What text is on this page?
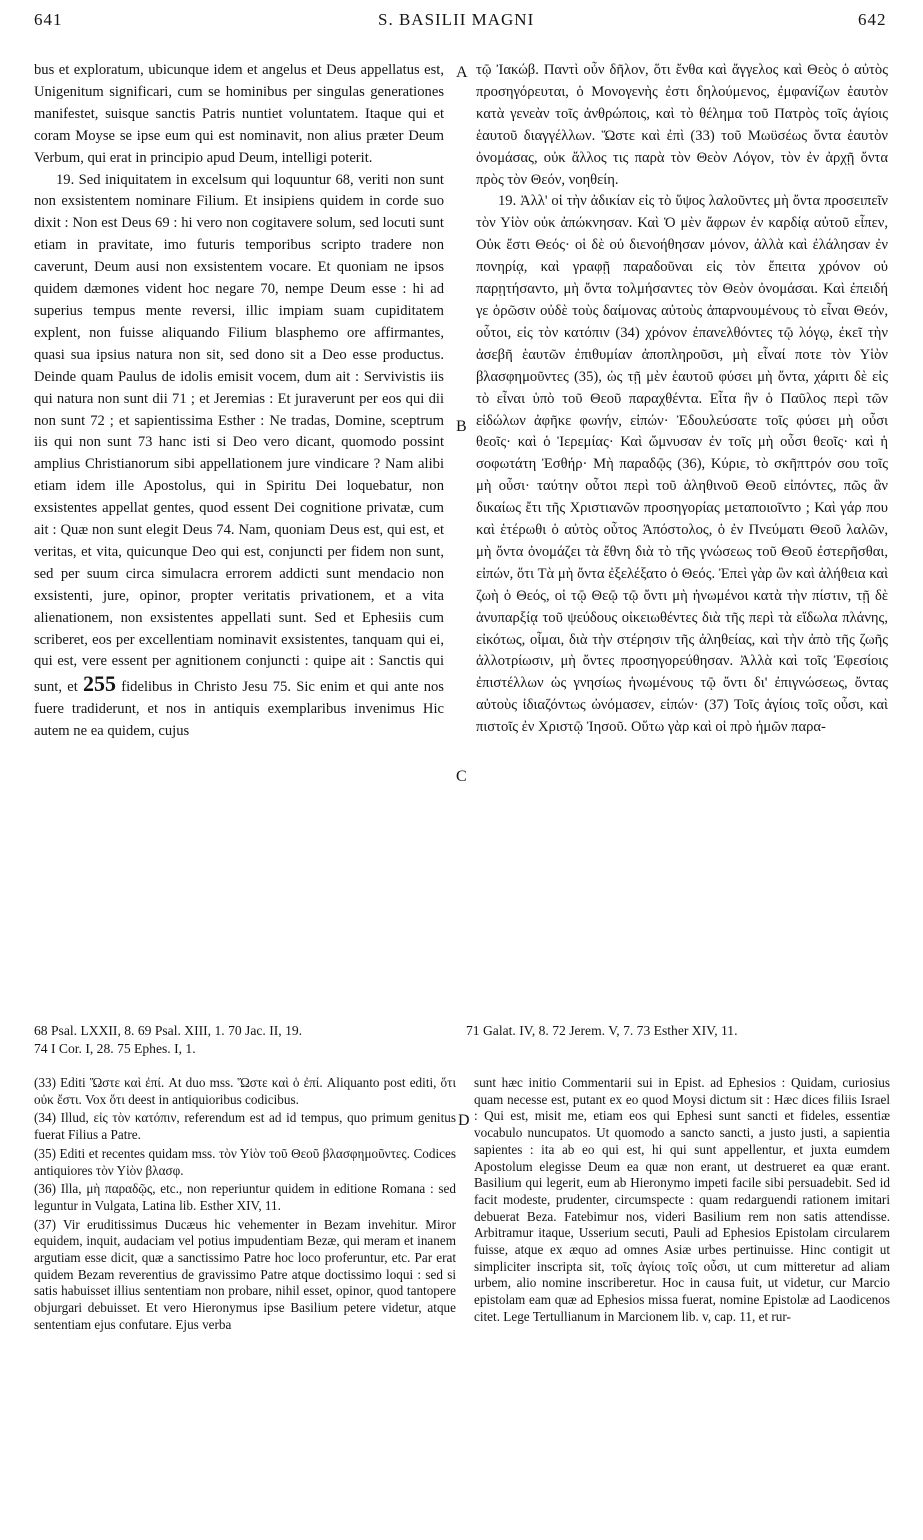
641	S. BASILII MAGNI	642
A
B
C
D

bus et exploratum, ubicunque idem et angelus et Deus appellatus est, Unigenitum significari, cum se hominibus per singulas generationes manifestet, suisque sanctis Patris nuntiet voluntatem. Itaque qui et coram Moyse se ipse eum qui est nominavit, non alius præter Deum Verbum, qui erat in principio apud Deum, intelligi poterit.

19. Sed iniquitatem in excelsum qui loquuntur 68, veriti non sunt non exsistentem nominare Filium. Et insipiens quidem in corde suo dixit : Non est Deus 69 : hi vero non cogitavere solum, sed locuti sunt etiam in pravitate, imo futuris temporibus scripto tradere non caverunt, Deum ausi non exsistentem vocare. Et quoniam ne ipsos quidem dæmones vident hoc negare 70, nempe Deum esse : hi ad superius tempus mente reversi, illic impiam suam cupiditatem explent, non fuisse aliquando Filium blasphemo ore affirmantes, quasi sua ipsius natura non sit, sed dono sit a Deo esse productus. Deinde quam Paulus de idolis emisit vocem, dum ait : Servivistis iis qui natura non sunt dii 71 ; et Jeremias : Et juraverunt per eos qui dii non sunt 72 ; et sapientissima Esther : Ne tradas, Domine, sceptrum iis qui non sunt 73 hanc isti si Deo vero dicant, quomodo possint amplius Christianorum sibi appellationem jure vindicare ? Nam alibi etiam idem ille Apostolus, qui in Spiritu Dei loquebatur, non exsistentes appellat gentes, quod essent Dei cognitione privatæ, cum ait : Quæ non sunt elegit Deus 74. Nam, quoniam Deus est, qui est, et veritas, et vita, quicunque Deo qui est, conjuncti per fidem non sunt, sed per suum circa simulacra errorem addicti sunt mendacio non exsistenti, jure, opinor, propter veritatis privationem, et a vita alienationem, non exsistentes appellati sunt. Sed et Ephesiis cum scriberet, eos per excellentiam nominavit exsistentes, tanquam qui ei, qui est, vere essent per agnitionem conjuncti : quipe ait : Sanctis qui sunt, et 255 fidelibus in Christo Jesu 75. Sic enim et qui ante nos fuere tradiderunt, et nos in antiquis exemplaribus invenimus Hic autem ne ea quidem, cujus

τῷ Ἰακώβ. Παντὶ οὖν δῆλον, ὅτι ἔνθα καὶ ἄγγελος καὶ Θεὸς ὁ αὐτὸς προσηγόρευται, ὁ Μονογενὴς ἐστι δηλούμενος, ἐμφανίζων ἑαυτὸν κατὰ γενεὰν τοῖς ἀνθρώποις, καὶ τὸ θέλημα τοῦ Πατρὸς τοῖς ἁγίοις ἑαυτοῦ διαγγέλλων. Ὥστε καὶ ἐπὶ (33) τοῦ Μωϋσέως ὄντα ἑαυτὸν ὀνομάσας, οὐκ ἄλλος τις παρὰ τὸν Θεὸν Λόγον, τὸν ἐν ἀρχῇ ὄντα πρὸς τὸν Θεόν, νοηθείη.

19. Ἀλλ' οἱ τὴν ἀδικίαν εἰς τὸ ὕψος λαλοῦντες μὴ ὄντα προσειπεῖν τὸν Υἱὸν οὐκ ἀπώκνησαν. Καὶ Ὁ μὲν ἄφρων ἐν καρδίᾳ αὐτοῦ εἶπεν, Οὐκ ἔστι Θεός· οἱ δὲ οὐ διενοήθησαν μόνον, ἀλλὰ καὶ ἐλάλησαν ἐν πονηρίᾳ, καὶ γραφῇ παραδοῦναι εἰς τὸν ἔπειτα χρόνον οὐ παρῃτήσαντο, μὴ ὄντα τολμήσαντες τὸν Θεὸν ὀνομάσαι. Καὶ ἐπειδή γε ὁρῶσιν οὐδὲ τοὺς δαίμονας αὐτοὺς ἀπαρνουμένους τὸ εἶναι Θεόν, οὗτοι, εἰς τὸν κατόπιν (34) χρόνον ἐπανελθόντες τῷ λόγῳ, ἐκεῖ τὴν ἀσεβῆ ἑαυτῶν ἐπιθυμίαν ἀποπληροῦσι, μὴ εἶναί ποτε τὸν Υἱὸν βλασφημοῦντες (35), ὡς τῇ μὲν ἑαυτοῦ φύσει μὴ ὄντα, χάριτι δὲ εἰς τὸ εἶναι ὑπὸ τοῦ Θεοῦ παραχθέντα. Εἶτα ἣν ὁ Παῦλος περὶ τῶν εἰδώλων ἀφῆκε φωνήν, εἰπών· Ἐδουλεύσατε τοῖς φύσει μὴ οὖσι θεοῖς· καὶ ὁ Ἱερεμίας· Καὶ ὤμνυσαν ἐν τοῖς μὴ οὖσι θεοῖς· καὶ ἡ σοφωτάτη Ἐσθήρ· Μὴ παραδῷς (36), Κύριε, τὸ σκῆπτρόν σου τοῖς μὴ οὖσι· ταύτην οὗτοι περὶ τοῦ ἀληθινοῦ Θεοῦ εἰπόντες, πῶς ἂν δικαίως ἔτι τῆς Χριστιανῶν προσηγορίας μεταποιοῖντο ; Καὶ γάρ που καὶ ἑτέρωθι ὁ αὐτὸς οὗτος Ἀπόστολος, ὁ ἐν Πνεύματι Θεοῦ λαλῶν, μὴ ὄντα ὀνομάζει τὰ ἔθνη διὰ τὸ τῆς γνώσεως τοῦ Θεοῦ ἐστερῆσθαι, εἰπών, ὅτι Τὰ μὴ ὄντα ἐξελέξατο ὁ Θεός. Ἐπεὶ γὰρ ὢν καὶ ἀλήθεια καὶ ζωὴ ὁ Θεός, οἱ τῷ Θεῷ τῷ ὄντι μὴ ἡνωμένοι κατὰ τὴν πίστιν, τῇ δὲ ἀνυπαρξίᾳ τοῦ ψεύδους οἰκειωθέντες διὰ τῆς περὶ τὰ εἴδωλα πλάνης, εἰκότως, οἶμαι, διὰ τὴν στέρησιν τῆς ἀληθείας, καὶ τὴν ἀπὸ τῆς ζωῆς ἀλλοτρίωσιν, μὴ ὄντες προσηγορεύθησαν. Ἀλλὰ καὶ τοῖς Ἐφεσίοις ἐπιστέλλων ὡς γνησίως ἡνωμένους τῷ ὄντι δι' ἐπιγνώσεως, ὄντας αὐτοὺς ἰδιαζόντως ὠνόμασεν, εἰπών· (37) Τοῖς ἁγίοις τοῖς οὖσι, καὶ πιστοῖς ἐν Χριστῷ Ἰησοῦ. Οὕτω γὰρ καὶ οἱ πρὸ ἡμῶν παρα-

68 Psal. LXXII, 8. 69 Psal. XIII, 1. 70 Jac. II, 19.
74 I Cor. I, 28. 75 Ephes. I, 1.
71 Galat. IV, 8. 72 Jerem. V, 7. 73 Esther XIV, 11.

(33) Editi Ὥστε καὶ ἐπί. At duo mss. Ὥστε καὶ ὁ ἐπί. Aliquanto post editi, ὅτι οὐκ ἔστι. Vox ὅτι deest in antiquioribus codicibus.

(34) Illud, εἰς τὸν κατόπιν, referendum est ad id tempus, quo primum genitus fuerat Filius a Patre.

(35) Editi et recentes quidam mss. τὸν Υἱὸν τοῦ Θεοῦ βλασφημοῦντες. Codices antiquiores τὸν Υἱὸν βλασφ.

(36) Illa, μὴ παραδῷς, etc., non reperiuntur quidem in editione Romana : sed leguntur in Vulgata, Latina lib. Esther XIV, 11.

(37) Vir eruditissimus Ducæus hic vehementer in Bezam invehitur. Miror equidem, inquit, audaciam vel potius impudentiam Bezæ, qui meram et inanem argutiam esse dicit, quæ a sanctissimo Patre hoc loco proferuntur, etc. Par erat quidem Bezam reverentius de gravissimo Patre atque doctissimo loqui : sed si satis habuisset illius sententiam non probare, nihil esset, opinor, quod tantopere objurgari debuisset. Et vero Hieronymus ipse Basilium petere videtur, atque sententiam ejus confutare. Ejus verba

sunt hæc initio Commentarii sui in Epist. ad Ephesios : Quidam, curiosius quam necesse est, putant ex eo quod Moysi dictum sit : Hæc dices filiis Israel : Qui est, misit me, etiam eos qui Ephesi sunt sancti et fideles, essentiæ vocabulo nuncupatos. Ut quomodo a sancto sancti, a justo justi, a sapientia sapientes : ita ab eo qui est, hi qui sunt appellentur, et juxta eumdem Apostolum elegisse Deum ea quæ non erant, ut destrueret ea quæ erant. Basilium qui legerit, eum ab Hieronymo impeti facile sibi persuadebit. Sed id facit modeste, prudenter, circumspecte : quam redarguendi rationem imitari debuerat Beza. Fatebimur nos, videri Basilium rem non satis attendisse. Arbitramur itaque, Usserium secuti, Pauli ad Ephesios Epistolam circularem fuisse, atque ex æquo ad omnes Asiæ urbes pertinuisse. Hinc contigit ut simpliciter inscripta sit, τοῖς ἁγίοις τοῖς οὖσι, ut cum mitteretur ad aliam urbem, alio nomine inscriberetur. Hoc in causa fuit, ut videtur, cur Marcio epistolam eam quæ ad Ephesios missa fuerat, nomine Epistolæ ad Laodicenos citet. Lege Tertullianum in Marcionem lib. v, cap. 11, et rur-
